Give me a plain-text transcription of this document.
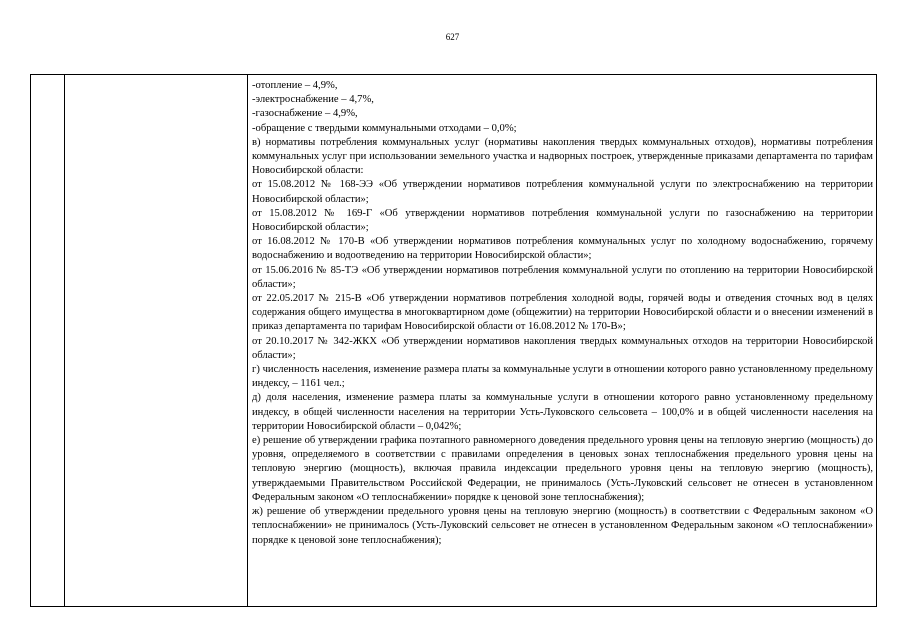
627

-отопление – 4,9%,

-электроснабжение – 4,7%,

-газоснабжение – 4,9%,

-обращение с твердыми коммунальными отходами – 0,0%;

в) нормативы потребления коммунальных услуг (нормативы накопления твердых коммунальных отходов), нормативы потребления коммунальных услуг при использовании земельного участка и надворных построек, утвержденные приказами департамента по тарифам Новосибирской области:

от 15.08.2012 № 168-ЭЭ «Об утверждении нормативов потребления коммунальной услуги по электроснабжению на территории Новосибирской области»;

от 15.08.2012 № 169-Г «Об утверждении нормативов потребления коммунальной услуги по газоснабжению на территории Новосибирской области»;

от 16.08.2012 № 170-В «Об утверждении нормативов потребления коммунальных услуг по холодному водоснабжению, горячему водоснабжению и водоотведению на территории Новосибирской области»;

от 15.06.2016 № 85-ТЭ «Об утверждении нормативов потребления коммунальной услуги по отоплению на территории Новосибирской области»;

от 22.05.2017 № 215-В «Об утверждении нормативов потребления холодной воды, горячей воды и отведения сточных вод в целях содержания общего имущества в многоквартирном доме (общежитии) на территории Новосибирской области и о внесении изменений в приказ департамента по тарифам Новосибирской области от 16.08.2012 № 170-В»;

от 20.10.2017 № 342-ЖКХ «Об утверждении нормативов накопления твердых коммунальных отходов на территории Новосибирской области»;

г) численность населения, изменение размера платы за коммунальные услуги в отношении которого равно установленному предельному индексу, – 1161 чел.;

д) доля населения, изменение размера платы за коммунальные услуги в отношении которого равно установленному предельному индексу, в общей численности населения на территории Усть-Луковского сельсовета – 100,0% и в общей численности населения на территории Новосибирской области – 0,042%;

е) решение об утверждении графика поэтапного равномерного доведения предельного уровня цены на тепловую энергию (мощность) до уровня, определяемого в соответствии с правилами определения в ценовых зонах теплоснабжения предельного уровня цены на тепловую энергию (мощность), включая правила индексации предельного уровня цены на тепловую энергию (мощность), утверждаемыми Правительством Российской Федерации, не принималось (Усть-Луковский сельсовет не отнесен в установленном Федеральным законом «О теплоснабжении» порядке к ценовой зоне теплоснабжения);

ж) решение об утверждении предельного уровня цены на тепловую энергию (мощность) в соответствии с Федеральным законом «О теплоснабжении» не принималось (Усть-Луковский сельсовет не отнесен в установленном Федеральным законом «О теплоснабжении» порядке к ценовой зоне теплоснабжения);
